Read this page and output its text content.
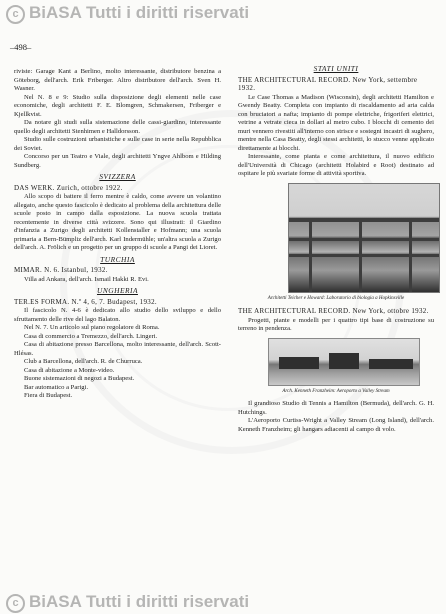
c BiASA Tutti i diritti riservati
–498–

riviste: Garage Kant a Berlino, molto interessante, distributore benzina a Göteborg, dell'arch. Erik Friberger. Altro distributore dell'arch. Sven H. Wasner.

Nel N. 8 e 9: Studio sulla disposizione degli elementi nelle case economiche, degli architetti F. E. Blomgren, Schmakersen, Friberger e Kjellkvist.

Da notare gli studi sulla sistemazione delle cassi-giardino, interessante quello degli architetti Stenhimen e Halldorsson.

Studio sulle costruzioni urbanistiche e sulle case in serie nella Repubblica dei Soviet.

Concorso per un Teatro e Viale, degli architetti Yngve Ahlbom e Hilding Sundberg.

SVIZZERA
DAS WERK. Zurich, ottobre 1922.

Allo scopo di battere il ferro mentre è caldo, come avvere un volantino allegato, anche questo fascicolo è dedicato al problema della architettura delle scuole posto in campo dalla esposizione. La nuova scuola trattata recentemente in diverse città svizzere. Sono qui illustrati: il Giardino d'infanzia a Zurigo degli architetti Kollenstaller e Hofmann; una scuola primaria a Bern-Bümpliz dell'arch. Karl Indermühle; un'altra scuola a Zurigo dell'arch. A. Frölich e un progetto per un gruppo di scuole a Pangi dei Lioret.

TURCHIA
MIMAR. N. 6. Istanbul, 1932.

Villa ad Ankara, dell'arch. Ismail Hakki R. Evi.

UNGHERIA
TER.ES FORMA. N.º 4, 6, 7. Budapest, 1932.

Il fascicolo N. 4-6 è dedicato allo studio dello sviluppo e dello sfruttamento delle rive del lago Balaton.

Nel N. 7. Un articolo sul piano regolatore di Roma.

Casa di commercio a Tremezzo, dell'arch. Lingeri.

Casa di abitazione presso Barcellona, molto interessante, dell'arch. Scott-Hlésas.

Club a Barcellona, dell'arch. R. de Churruca.

Casa di abitazione a Monte-video.

Buone sistemazioni di negozi a Budapest.

Bar automatico a Parigi.

Fiera di Budapest.

STATI UNITI
THE ARCHITECTURAL RECORD. New York, settembre 1932.

Le Case Thomas a Madison (Wisconsin), degli architetti Hamilton e Gwendy Beatty. Completa con impianto di riscaldamento ad aria calda con bruciatori a nafta; impianto di pompe elettriche, frigoriferi elettrici, vetrine a vetrate cieca in dollari al metro cubo. I blocchi di cemento dei muri vennero rivestiti all'interno con strisce e sostegni incastri di sughero, mentre nella Casa Beatty, degli stessi architetti, lo stucco venne applicato direttamente ai blocchi.

Interessante, come pianta e come architettura, il nuovo edificio dell'Università di Chicago (architetti Holabird e Root) destinato ad ospitare le più svariate forme di attività sportiva.

Architetti Teicher e Howard: Laboratorio di biologia a Hopkinsville
THE ARCHITECTURAL RECORD. New York, ottobre 1932.

Progetti, piante e modelli per i quattro tipi base di costruzione su terreno in pendenza.

Arch. Kenneth Franzheim: Aeroporto a Valley Stream

Il grandioso Studio di Tennis a Hamilton (Bermuda), dell'arch. G. H. Hutchings.

L'Aeroporto Curtiss-Wright a Valley Stream (Long Island), dell'arch. Kenneth Franzheim; gli hangars adiacenti al campo di volo.

c BiASA Tutti i diritti riservati
